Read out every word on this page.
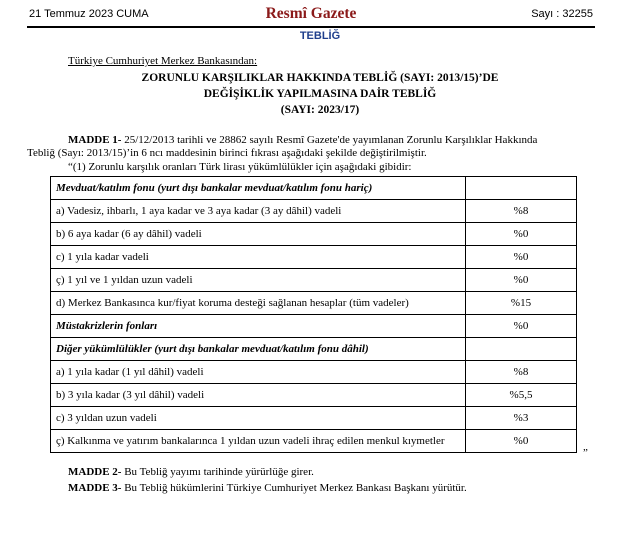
21 Temmuz 2023 CUMA	Resmî Gazete	Sayı : 32255
TEBLİĞ
Türkiye Cumhuriyet Merkez Bankasından:
ZORUNLU KARŞILIKLAR HAKKINDA TEBLİĞ (SAYI: 2013/15)’DE
DEĞİŞİKLİK YAPILMASINA DAİR TEBLİĞ
(SAYI: 2023/17)
MADDE 1- 25/12/2013 tarihli ve 28862 sayılı Resmî Gazete'de yayımlanan Zorunlu Karşılıklar Hakkında
Tebliğ (Sayı: 2013/15)’in 6 ncı maddesinin birinci fıkrası aşağıdaki şekilde değiştirilmiştir.
“(1) Zorunlu karşılık oranları Türk lirası yükümlülükler için aşağıdaki gibidir:
Mevduat/katılım fonu (yurt dışı bankalar mevduat/katılım fonu hariç)	
a) Vadesiz, ihbarlı, 1 aya kadar ve 3 aya kadar (3 ay dâhil) vadeli	%8
b) 6 aya kadar (6 ay dâhil) vadeli	%0
c) 1 yıla kadar vadeli	%0
ç) 1 yıl ve 1 yıldan uzun vadeli	%0
d) Merkez Bankasınca kur/fiyat koruma desteği sağlanan hesaplar (tüm vadeler)	%15
Müstakrizlerin fonları	%0
Diğer yükümlülükler (yurt dışı bankalar mevduat/katılım fonu dâhil)	
a) 1 yıla kadar (1 yıl dâhil) vadeli	%8
b) 3 yıla kadar (3 yıl dâhil) vadeli	%5,5
c) 3 yıldan uzun vadeli	%3
ç) Kalkınma ve yatırım bankalarınca 1 yıldan uzun vadeli ihraç edilen menkul kıymetler	%0
”
MADDE 2- Bu Tebliğ yayımı tarihinde yürürlüğe girer.
MADDE 3- Bu Tebliğ hükümlerini Türkiye Cumhuriyet Merkez Bankası Başkanı yürütür.
